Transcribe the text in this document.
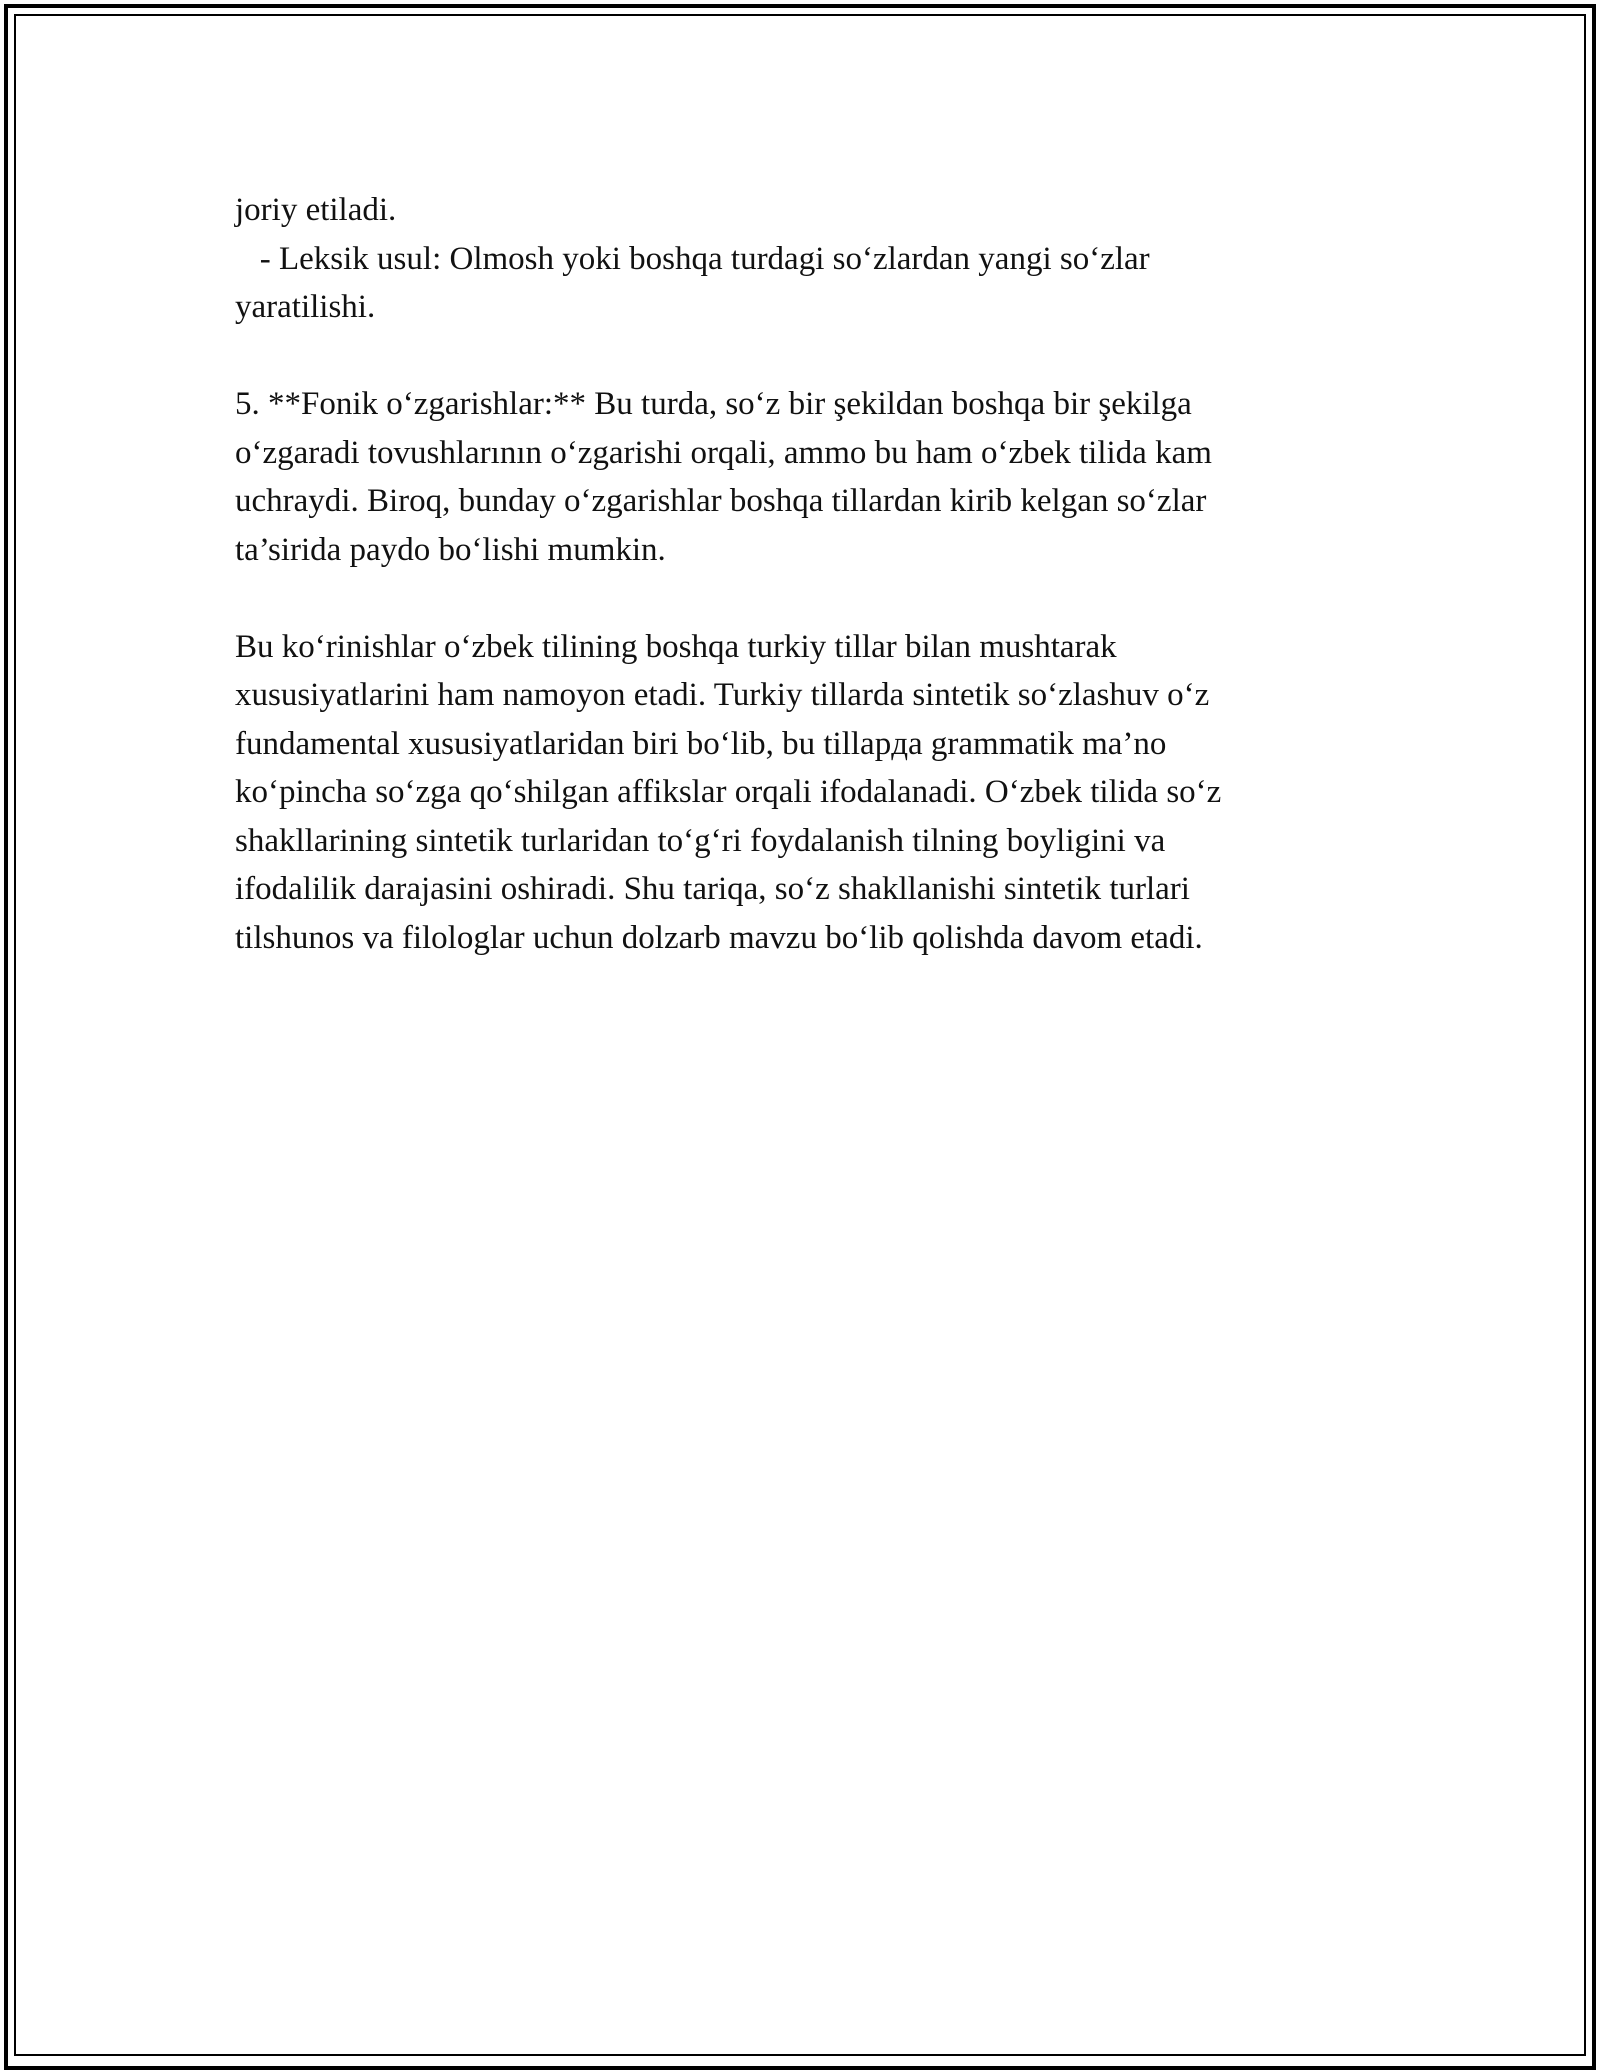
joriy etiladi.
- Leksik usul: Olmosh yoki boshqa turdagi so‘zlardan yangi so‘zlar
yaratilishi.
5. **Fonik o‘zgarishlar:** Bu turda, so‘z bir şekildan boshqa bir şekilga
o‘zgaradi tovushlarının o‘zgarishi orqali, ammo bu ham o‘zbek tilida kam
uchraydi. Biroq, bunday o‘zgarishlar boshqa tillardan kirib kelgan so‘zlar
ta’sirida paydo bo‘lishi mumkin.
Bu ko‘rinishlar o‘zbek tilining boshqa turkiy tillar bilan mushtarak
xususiyatlarini ham namoyon etadi. Turkiy tillarda sintetik so‘zlashuv o‘z
fundamental xususiyatlaridan biri bo‘lib, bu tillapда grammatik ma’no
ko‘pincha so‘zga qo‘shilgan affikslar orqali ifodalanadi. O‘zbek tilida so‘z
shakllarining sintetik turlaridan to‘g‘ri foydalanish tilning boyligini va
ifodalilik darajasini oshiradi. Shu tariqa, so‘z shakllanishi sintetik turlari
tilshunos va filologlar uchun dolzarb mavzu bo‘lib qolishda davom etadi.
